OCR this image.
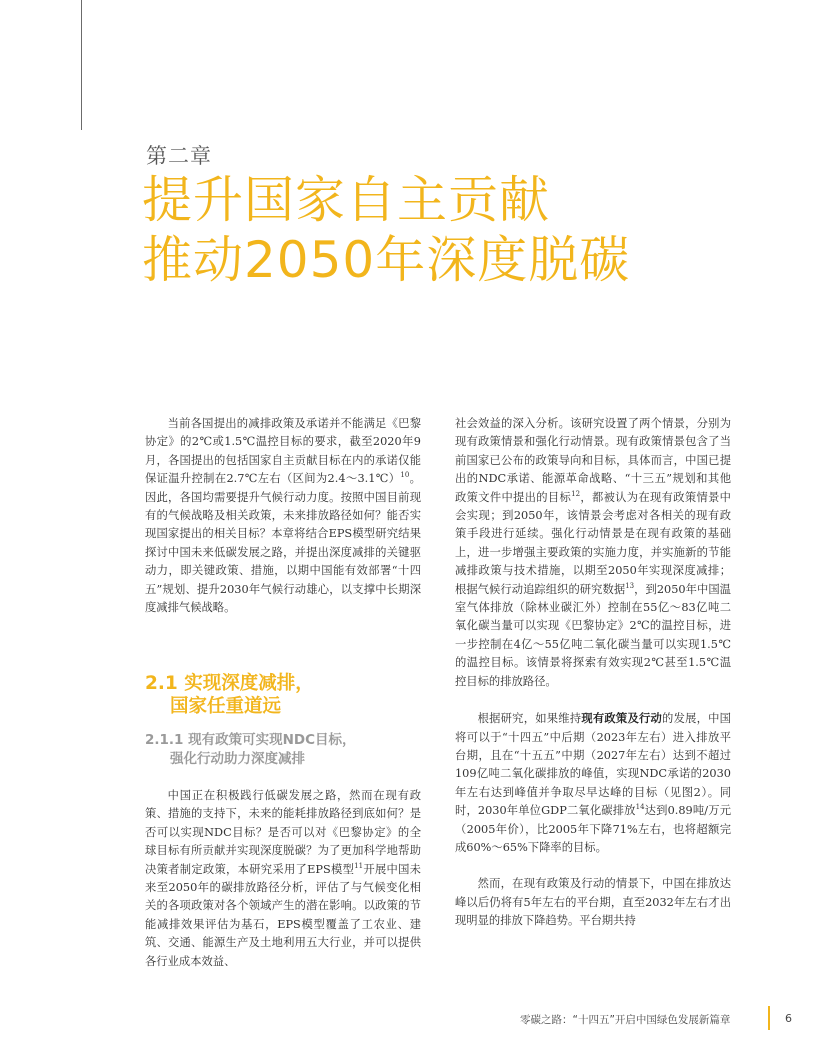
第二章
提升国家自主贡献
推动2050年深度脱碳

当前各国提出的减排政策及承诺并不能满足《巴黎协定》的2℃或1.5℃温控目标的要求，截至2020年9月，各国提出的包括国家自主贡献目标在内的承诺仅能保证温升控制在2.7℃左右（区间为2.4～3.1℃）$^{10}$。因此，各国均需要提升气候行动力度。按照中国目前现有的气候战略及相关政策，未来排放路径如何？能否实现国家提出的相关目标？本章将结合EPS模型研究结果探讨中国未来低碳发展之路，并提出深度减排的关键驱动力，即关键政策、措施，以期中国能有效部署“十四五”规划、提升2030年气候行动雄心，以支撑中长期深度减排气候战略。

2.1 实现深度减排，
国家任重道远
2.1.1 现有政策可实现NDC目标，
强化行动助力深度减排

中国正在积极践行低碳发展之路，然而在现有政策、措施的支持下，未来的能耗排放路径到底如何？是否可以实现NDC目标？是否可以对《巴黎协定》的全球目标有所贡献并实现深度脱碳？为了更加科学地帮助决策者制定政策，本研究采用了EPS模型$^{11}$开展中国未来至2050年的碳排放路径分析，评估了与气候变化相关的各项政策对各个领域产生的潜在影响。以政策的节能减排效果评估为基石，EPS模型覆盖了工农业、建筑、交通、能源生产及土地利用五大行业，并可以提供各行业成本效益、

社会效益的深入分析。该研究设置了两个情景，分别为现有政策情景和强化行动情景。现有政策情景包含了当前国家已公布的政策导向和目标，具体而言，中国已提出的NDC承诺、能源革命战略、“十三五”规划和其他政策文件中提出的目标$^{12}$，都被认为在现有政策情景中会实现；到2050年，该情景会考虑对各相关的现有政策手段进行延续。强化行动情景是在现有政策的基础上，进一步增强主要政策的实施力度，并实施新的节能减排政策与技术措施，以期至2050年实现深度减排；根据气候行动追踪组织的研究数据$^{13}$，到2050年中国温室气体排放（除林业碳汇外）控制在55亿～83亿吨二氧化碳当量可以实现《巴黎协定》2℃的温控目标，进一步控制在4亿～55亿吨二氧化碳当量可以实现1.5℃的温控目标。该情景将探索有效实现2℃甚至1.5℃温控目标的排放路径。

根据研究，如果维持现有政策及行动的发展，中国将可以于“十四五”中后期（2023年左右）进入排放平台期，且在“十五五”中期（2027年左右）达到不超过109亿吨二氧化碳排放的峰值，实现NDC承诺的2030年左右达到峰值并争取尽早达峰的目标（见图2）。同时，2030年单位GDP二氧化碳排放$^{14}$达到0.89吨/万元（2005年价），比2005年下降71%左右，也将超额完成60%～65%下降率的目标。

然而，在现有政策及行动的情景下，中国在排放达峰以后仍将有5年左右的平台期，直至2032年左右才出现明显的排放下降趋势。平台期共持

零碳之路：“十四五”开启中国绿色发展新篇章	6
